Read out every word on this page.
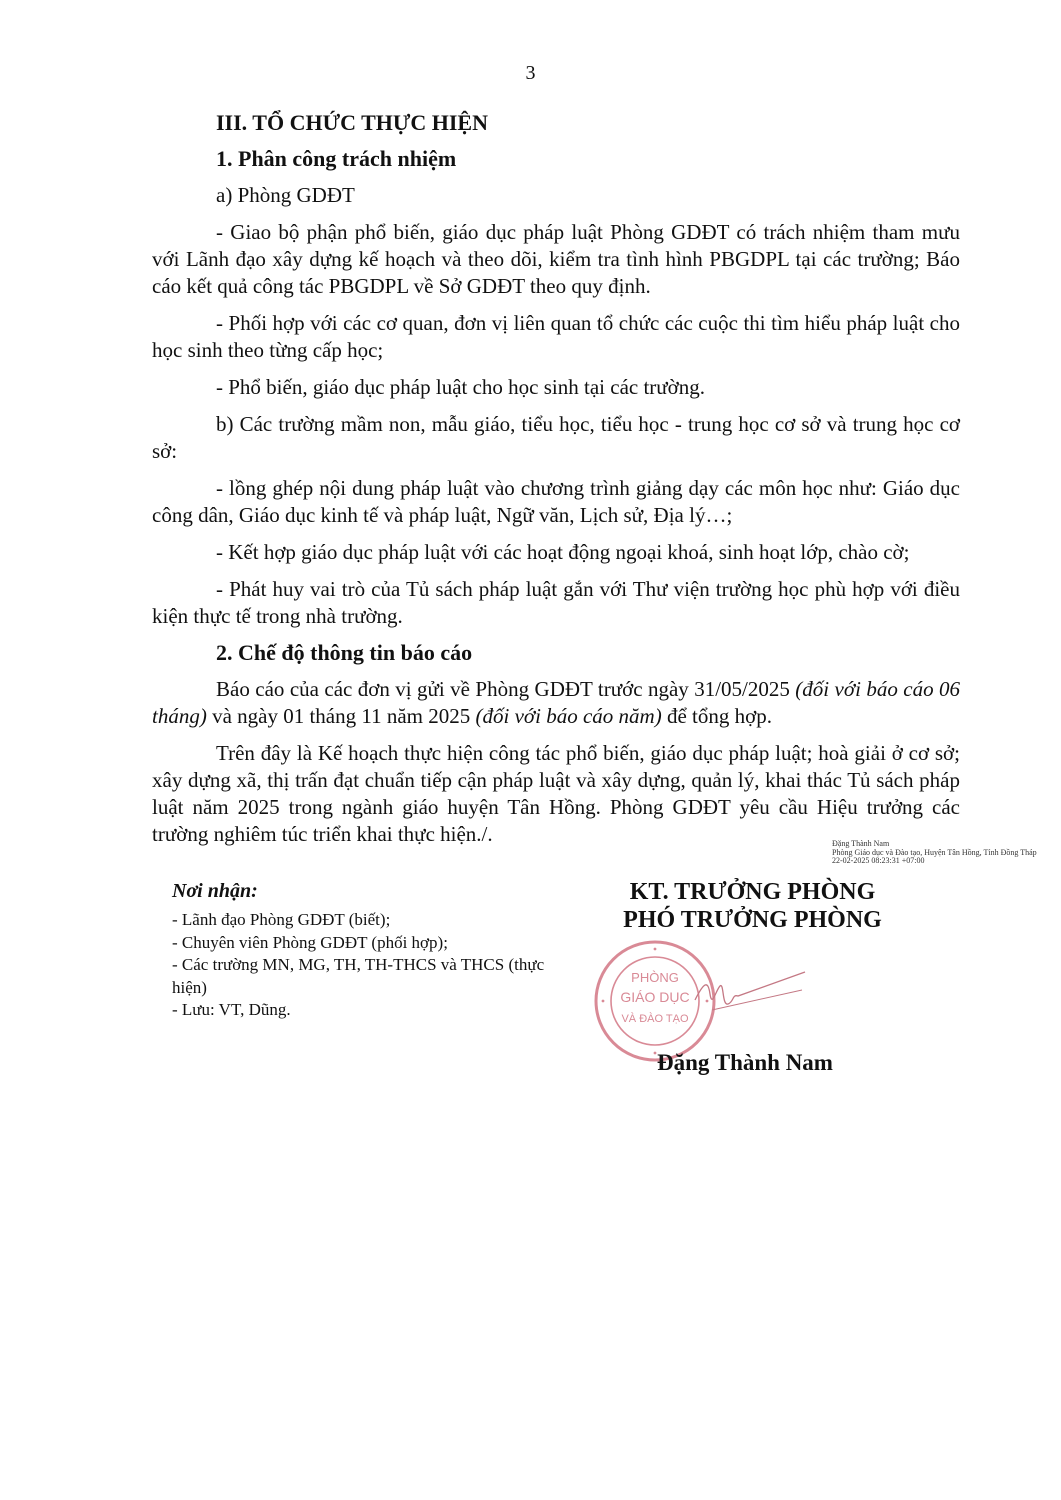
3

III. TỔ CHỨC THỰC HIỆN

1. Phân công trách nhiệm

a) Phòng GDĐT

- Giao bộ phận phổ biến, giáo dục pháp luật Phòng GDĐT có trách nhiệm tham mưu với Lãnh đạo xây dựng kế hoạch và theo dõi, kiểm tra tình hình PBGDPL tại các trường; Báo cáo kết quả công tác PBGDPL về Sở GDĐT theo quy định.

- Phối hợp với các cơ quan, đơn vị liên quan tổ chức các cuộc thi tìm hiểu pháp luật cho học sinh theo từng cấp học;

- Phổ biến, giáo dục pháp luật cho học sinh tại các trường.

b) Các trường mầm non, mẫu giáo, tiểu học, tiểu học - trung học cơ sở và trung học cơ sở:

- lồng ghép nội dung pháp luật vào chương trình giảng dạy các môn học như: Giáo dục công dân, Giáo dục kinh tế và pháp luật, Ngữ văn, Lịch sử, Địa lý…;

- Kết hợp giáo dục pháp luật với các hoạt động ngoại khoá, sinh hoạt lớp, chào cờ;

- Phát huy vai trò của Tủ sách pháp luật gắn với Thư viện trường học phù hợp với điều kiện thực tế trong nhà trường.

2. Chế độ thông tin báo cáo

Báo cáo của các đơn vị gửi về Phòng GDĐT trước ngày 31/05/2025 (đối với báo cáo 06 tháng) và ngày 01 tháng 11 năm 2025 (đối với báo cáo năm) để tổng hợp.

Trên đây là Kế hoạch thực hiện công tác phổ biến, giáo dục pháp luật; hoà giải ở cơ sở; xây dựng xã, thị trấn đạt chuẩn tiếp cận pháp luật và xây dựng, quản lý, khai thác Tủ sách pháp luật năm 2025 trong ngành giáo huyện Tân Hồng. Phòng GDĐT yêu cầu Hiệu trưởng các trường nghiêm túc triển khai thực hiện./.	Đặng Thành Nam
Phòng Giáo dục và Đào tạo, Huyện Tân Hồng, Tỉnh Đồng Tháp
22-02-2025 08:23:31 +07:00

Nơi nhận:

- Lãnh đạo Phòng GDĐT (biết);

- Chuyên viên Phòng GDĐT (phối hợp);

- Các trường MN, MG, TH, TH-THCS và THCS (thực hiện)

- Lưu: VT, Dũng.

KT. TRƯỞNG PHÒNG

PHÓ TRƯỞNG PHÒNG

PHÒNG
GIÁO DỤC
VÀ ĐÀO TẠO
Đặng Thành Nam
